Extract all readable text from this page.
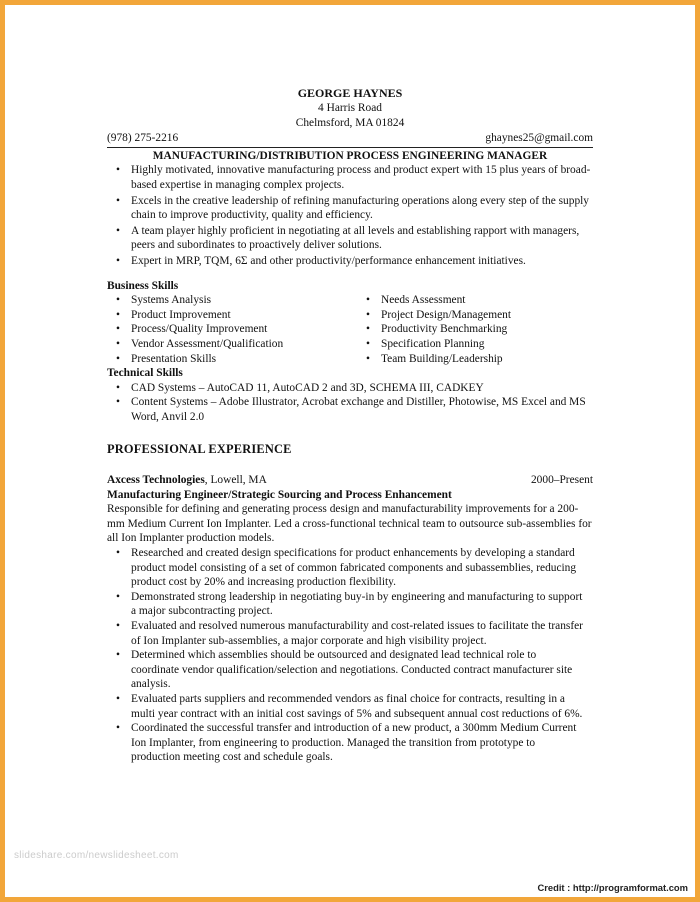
GEORGE HAYNES
4 Harris Road
Chelmsford, MA 01824
(978) 275-2216	ghaynes25@gmail.com
MANUFACTURING/DISTRIBUTION PROCESS ENGINEERING MANAGER
• Highly motivated, innovative manufacturing process and product expert with 15 plus years of broad-based expertise in managing complex projects.
• Excels in the creative leadership of refining manufacturing operations along every step of the supply chain to improve productivity, quality and efficiency.
• A team player highly proficient in negotiating at all levels and establishing rapport with managers, peers and subordinates to proactively deliver solutions.
• Expert in MRP, TQM, 6Σ and other productivity/performance enhancement initiatives.
Business Skills
• Systems Analysis
• Product Improvement
• Process/Quality Improvement
• Vendor Assessment/Qualification
• Presentation Skills
• Needs Assessment
• Project Design/Management
• Productivity Benchmarking
• Specification Planning
• Team Building/Leadership
Technical Skills
• CAD Systems – AutoCAD 11, AutoCAD 2 and 3D, SCHEMA III, CADKEY
• Content Systems – Adobe Illustrator, Acrobat exchange and Distiller, Photowise, MS Excel and MS Word, Anvil 2.0
PROFESSIONAL EXPERIENCE
Axcess Technologies, Lowell, MA	2000–Present
Manufacturing Engineer/Strategic Sourcing and Process Enhancement
Responsible for defining and generating process design and manufacturability improvements for a 200-mm Medium Current Ion Implanter. Led a cross-functional technical team to outsource sub-assemblies for all Ion Implanter production models.
• Researched and created design specifications for product enhancements by developing a standard product model consisting of a set of common fabricated components and subassemblies, reducing product cost by 20% and increasing production flexibility.
• Demonstrated strong leadership in negotiating buy-in by engineering and manufacturing to support a major subcontracting project.
• Evaluated and resolved numerous manufacturability and cost-related issues to facilitate the transfer of Ion Implanter sub-assemblies, a major corporate and high visibility project.
• Determined which assemblies should be outsourced and designated lead technical role to coordinate vendor qualification/selection and negotiations. Conducted contract manufacturer site analysis.
• Evaluated parts suppliers and recommended vendors as final choice for contracts, resulting in a multi year contract with an initial cost savings of 5% and subsequent annual cost reductions of 6%.
• Coordinated the successful transfer and introduction of a new product, a 300mm Medium Current Ion Implanter, from engineering to production. Managed the transition from prototype to production meeting cost and schedule goals.
slideshare.com/newslidesheet.com
Credit : http://programformat.com
